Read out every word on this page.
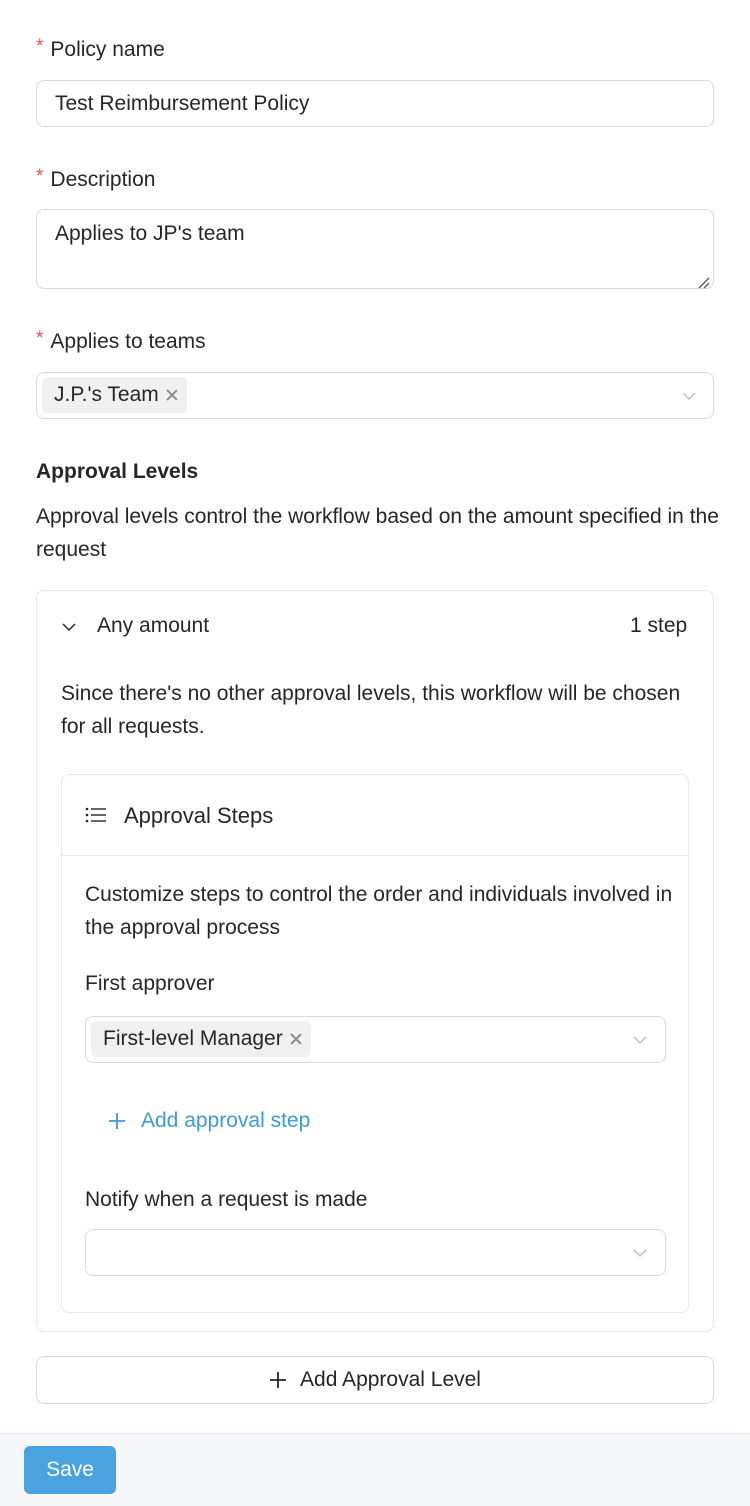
* Policy name
Test Reimbursement Policy
* Description
Applies to JP's team
* Applies to teams
J.P.'s Team
Approval Levels
Approval levels control the workflow based on the amount specified in the request
Any amount	1 step
Since there's no other approval levels, this workflow will be chosen for all requests.
Approval Steps
Customize steps to control the order and individuals involved in the approval process
First approver
First-level Manager
Add approval step
Notify when a request is made
Add Approval Level
Save
